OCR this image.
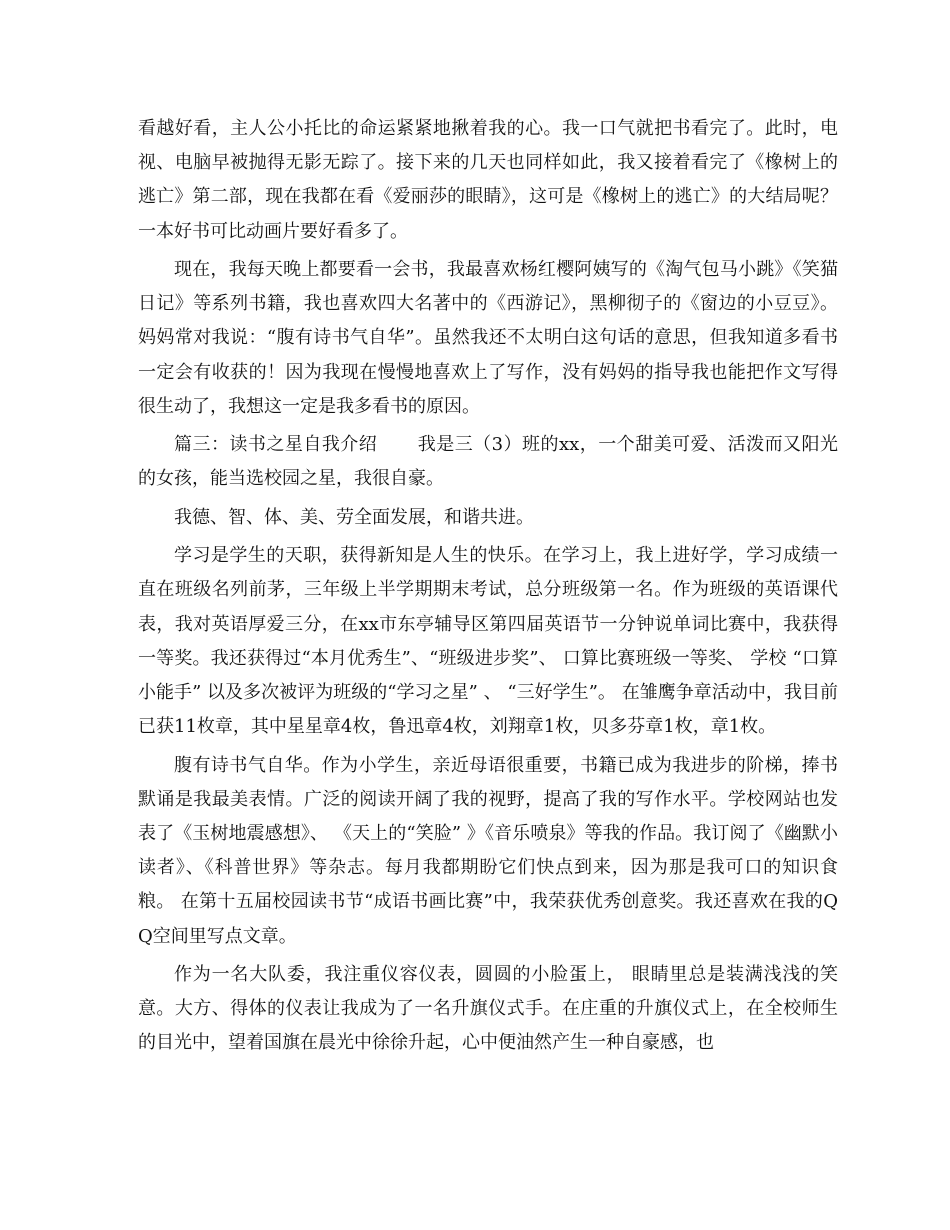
看越好看，主人公小托比的命运紧紧地揪着我的心。我一口气就把书看完了。此时，电视、电脑早被抛得无影无踪了。接下来的几天也同样如此，我又接着看完了《橡树上的逃亡》第二部，现在我都在看《爱丽莎的眼睛》，这可是《橡树上的逃亡》的大结局呢？一本好书可比动画片要好看多了。

现在，我每天晚上都要看一会书，我最喜欢杨红樱阿姨写的《淘气包马小跳》《笑猫日记》等系列书籍，我也喜欢四大名著中的《西游记》，黑柳彻子的《窗边的小豆豆》。妈妈常对我说：“腹有诗书气自华”。虽然我还不太明白这句话的意思，但我知道多看书一定会有收获的！因为我现在慢慢地喜欢上了写作，没有妈妈的指导我也能把作文写得很生动了，我想这一定是我多看书的原因。

篇三：读书之星自我介绍 我是三（3）班的xx，一个甜美可爱、活泼而又阳光的女孩，能当选校园之星，我很自豪。

我德、智、体、美、劳全面发展，和谐共进。

学习是学生的天职，获得新知是人生的快乐。在学习上，我上进好学，学习成绩一直在班级名列前茅，三年级上半学期期末考试，总分班级第一名。作为班级的英语课代表，我对英语厚爱三分，在xx市东亭辅导区第四届英语节一分钟说单词比赛中，我获得一等奖。我还获得过“本月优秀生”、“班级进步奖”、 口算比赛班级一等奖、 学校 “口算小能手” 以及多次被评为班级的“学习之星” 、 “三好学生”。 在雏鹰争章活动中，我目前已获11枚章，其中星星章4枚，鲁迅章4枚，刘翔章1枚，贝多芬章1枚，章1枚。

腹有诗书气自华。作为小学生，亲近母语很重要，书籍已成为我进步的阶梯，捧书默诵是我最美表情。广泛的阅读开阔了我的视野，提高了我的写作水平。学校网站也发表了《玉树地震感想》、 《天上的“笑脸” 》《音乐喷泉》等我的作品。我订阅了《幽默小读者》、《科普世界》等杂志。每月我都期盼它们快点到来，因为那是我可口的知识食粮。 在第十五届校园读书节“成语书画比赛”中，我荣获优秀创意奖。我还喜欢在我的QQ空间里写点文章。

作为一名大队委，我注重仪容仪表，圆圆的小脸蛋上， 眼睛里总是装满浅浅的笑意。大方、得体的仪表让我成为了一名升旗仪式手。在庄重的升旗仪式上，在全校师生的目光中，望着国旗在晨光中徐徐升起，心中便油然产生一种自豪感，也
